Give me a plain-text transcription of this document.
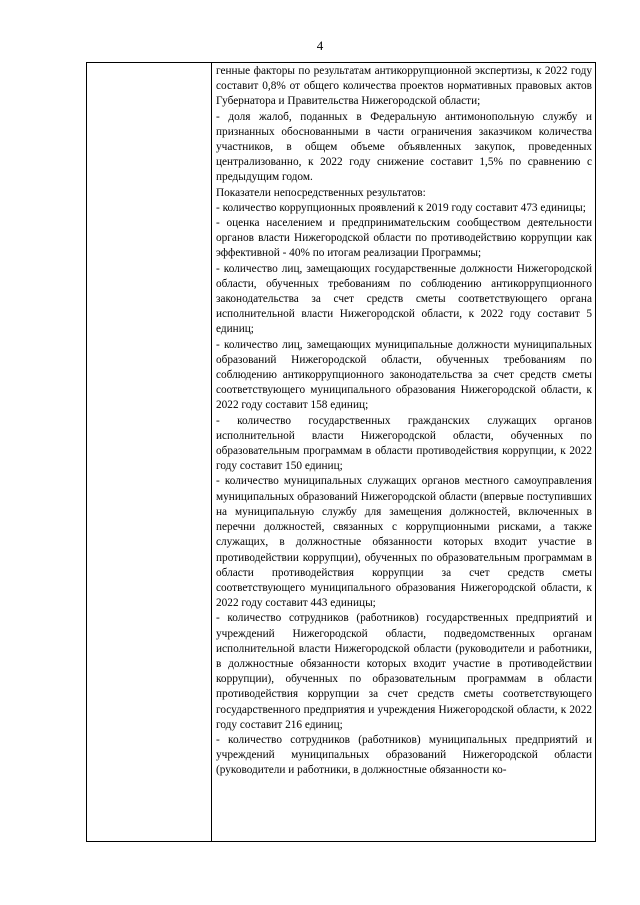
4

генные факторы по результатам антикоррупционной экспертизы, к 2022 году составит 0,8% от общего количества проектов нормативных правовых актов Губернатора и Правительства Нижегородской области;

- доля жалоб, поданных в Федеральную антимонопольную службу и признанных обоснованными в части ограничения заказчиком количества участников, в общем объеме объявленных закупок, проведенных централизованно, к 2022 году снижение составит 1,5% по сравнению с предыдущим годом.

Показатели непосредственных результатов:

- количество коррупционных проявлений к 2019 году составит 473 единицы;

- оценка населением и предпринимательским сообществом деятельности органов власти Нижегородской области по противодействию коррупции как эффективной - 40% по итогам реализации Программы;

- количество лиц, замещающих государственные должности Нижегородской области, обученных требованиям по соблюдению антикоррупционного законодательства за счет средств сметы соответствующего органа исполнительной власти Нижегородской области, к 2022 году составит 5 единиц;

- количество лиц, замещающих муниципальные должности муниципальных образований Нижегородской области, обученных требованиям по соблюдению антикоррупционного законодательства за счет средств сметы соответствующего муниципального образования Нижегородской области, к 2022 году составит 158 единиц;

- количество государственных гражданских служащих органов исполнительной власти Нижегородской области, обученных по образовательным программам в области противодействия коррупции, к 2022 году составит 150 единиц;

- количество муниципальных служащих органов местного самоуправления муниципальных образований Нижегородской области (впервые поступивших на муниципальную службу для замещения должностей, включенных в перечни должностей, связанных с коррупционными рисками, а также служащих, в должностные обязанности которых входит участие в противодействии коррупции), обученных по образовательным программам в области противодействия коррупции за счет средств сметы соответствующего муниципального образования Нижегородской области, к 2022 году составит 443 единицы;

- количество сотрудников (работников) государственных предприятий и учреждений Нижегородской области, подведомственных органам исполнительной власти Нижегородской области (руководители и работники, в должностные обязанности которых входит участие в противодействии коррупции), обученных по образовательным программам в области противодействия коррупции за счет средств сметы соответствующего государственного предприятия и учреждения Нижегородской области, к 2022 году составит 216 единиц;

- количество сотрудников (работников) муниципальных предприятий и учреждений муниципальных образований Нижегородской области (руководители и работники, в должностные обязанности ко-
